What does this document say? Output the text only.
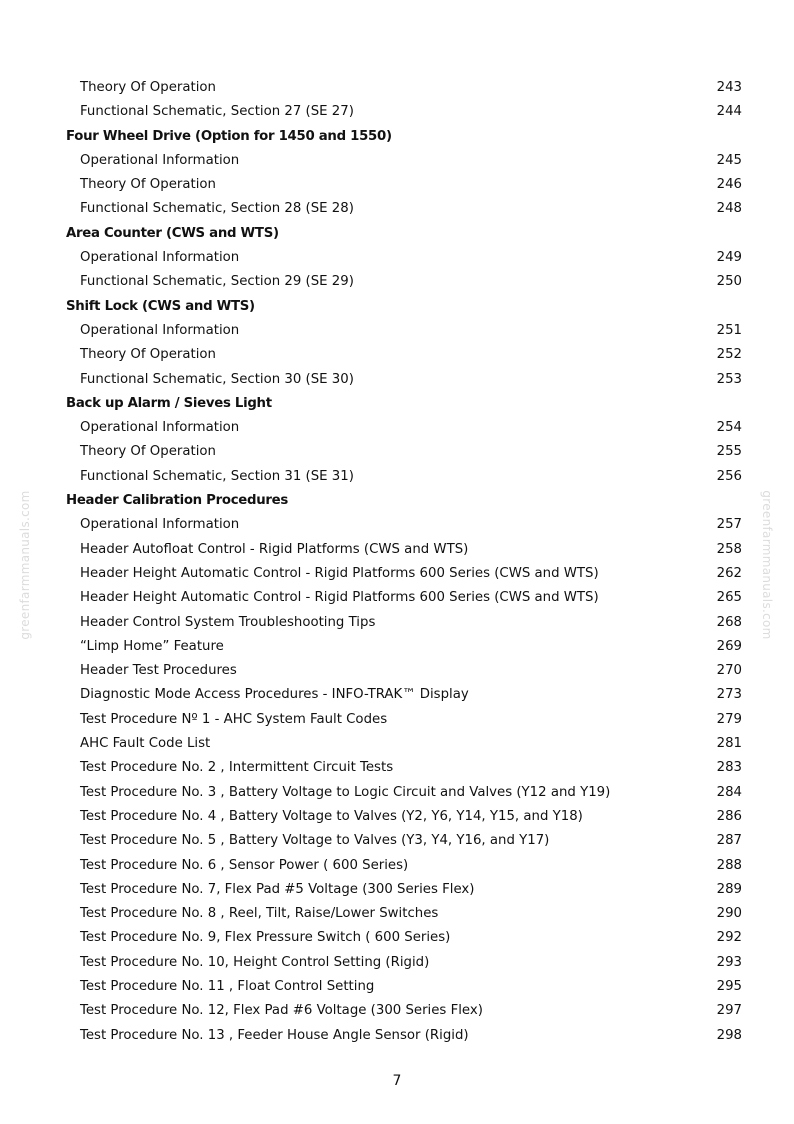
greenfarmmanuals.com	greenfarmmanuals.com
Theory Of Operation	243
Functional Schematic, Section 27 (SE 27)	244
Four Wheel Drive (Option for 1450 and 1550)
Operational Information	245
Theory Of Operation	246
Functional Schematic, Section 28 (SE 28)	248
Area Counter (CWS and WTS)
Operational Information	249
Functional Schematic, Section 29 (SE 29)	250
Shift Lock (CWS and WTS)
Operational Information	251
Theory Of Operation	252
Functional Schematic, Section 30 (SE 30)	253
Back up Alarm / Sieves Light
Operational Information	254
Theory Of Operation	255
Functional Schematic, Section 31 (SE 31)	256
Header Calibration Procedures
Operational Information	257
Header Autofloat Control - Rigid Platforms (CWS and WTS)	258
Header Height Automatic Control - Rigid Platforms 600 Series (CWS and WTS)	262
Header Height Automatic Control - Rigid Platforms 600 Series (CWS and WTS)	265
Header Control System Troubleshooting Tips	268
“Limp Home” Feature	269
Header Test Procedures	270
Diagnostic Mode Access Procedures - INFO-TRAK™ Display	273
Test Procedure Nº 1 - AHC System Fault Codes	279
AHC Fault Code List	281
Test Procedure No. 2 , Intermittent Circuit Tests	283
Test Procedure No. 3 , Battery Voltage to Logic Circuit and Valves (Y12 and Y19)	284
Test Procedure No. 4 , Battery Voltage to Valves (Y2, Y6, Y14, Y15, and Y18)	286
Test Procedure No. 5 , Battery Voltage to Valves (Y3, Y4, Y16, and Y17)	287
Test Procedure No. 6 , Sensor Power ( 600 Series)	288
Test Procedure No. 7, Flex Pad #5 Voltage (300 Series Flex)	289
Test Procedure No. 8 , Reel, Tilt, Raise/Lower Switches	290
Test Procedure No. 9, Flex Pressure Switch ( 600 Series)	292
Test Procedure No. 10, Height Control Setting (Rigid)	293
Test Procedure No. 11 , Float Control Setting	295
Test Procedure No. 12, Flex Pad #6 Voltage (300 Series Flex)	297
Test Procedure No. 13 , Feeder House Angle Sensor (Rigid)	298
7
